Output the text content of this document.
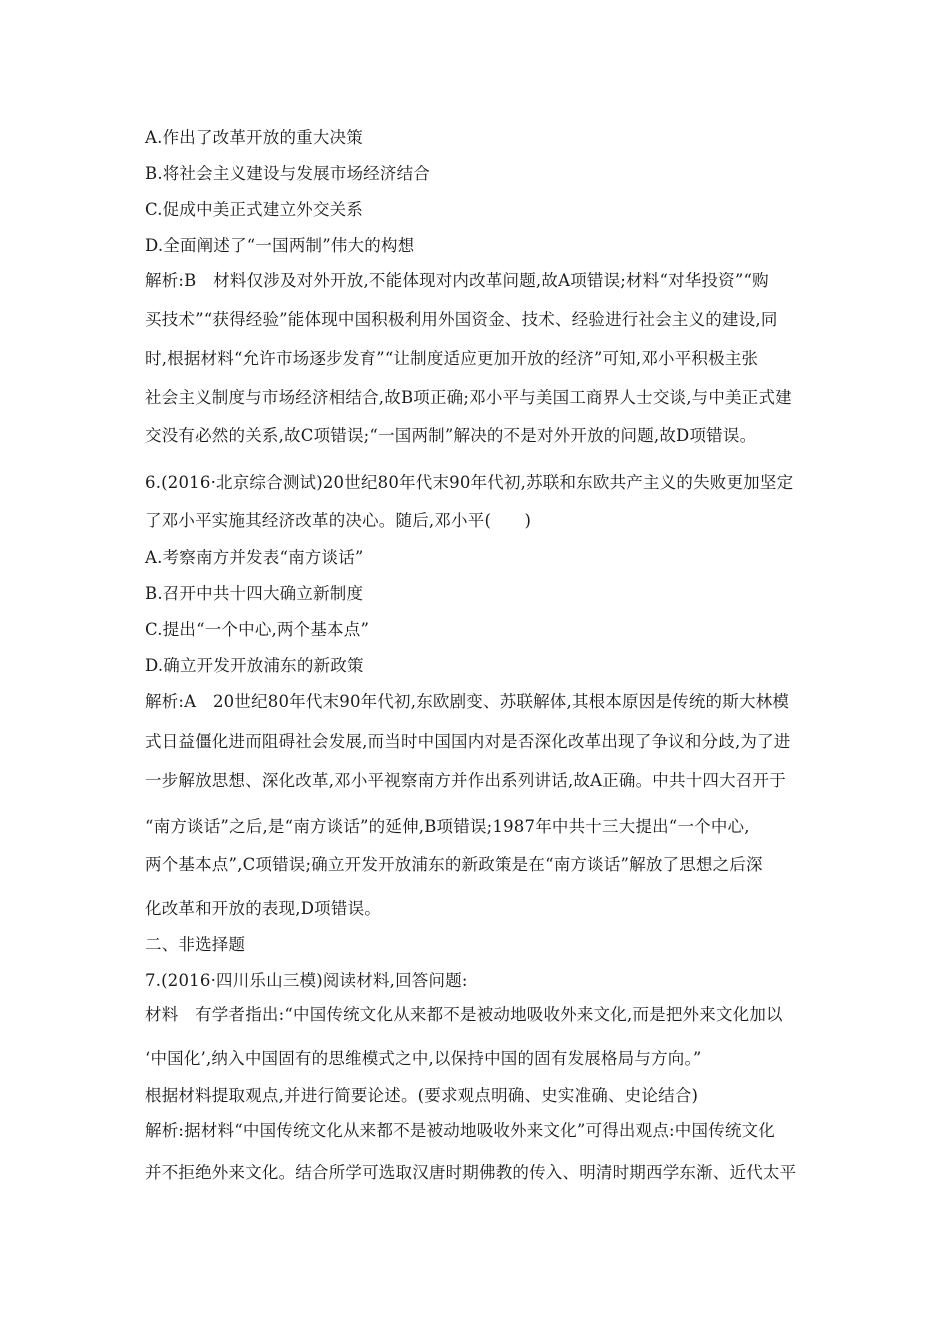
A.作出了改革开放的重大决策
B.将社会主义建设与发展市场经济结合
C.促成中美正式建立外交关系
D.全面阐述了“一国两制”伟大的构想
解析:B　材料仅涉及对外开放,不能体现对内改革问题,故A项错误;材料“对华投资”“购
买技术”“获得经验”能体现中国积极利用外国资金、技术、经验进行社会主义的建设,同
时,根据材料“允许市场逐步发育”“让制度适应更加开放的经济”可知,邓小平积极主张
社会主义制度与市场经济相结合,故B项正确;邓小平与美国工商界人士交谈,与中美正式建
交没有必然的关系,故C项错误;“一国两制”解决的不是对外开放的问题,故D项错误。
6.(2016·北京综合测试)20世纪80年代末90年代初,苏联和东欧共产主义的失败更加坚定
了邓小平实施其经济改革的决心。随后,邓小平(　　)
A.考察南方并发表“南方谈话”
B.召开中共十四大确立新制度
C.提出“一个中心,两个基本点”
D.确立开发开放浦东的新政策
解析:A　20世纪80年代末90年代初,东欧剧变、苏联解体,其根本原因是传统的斯大林模
式日益僵化进而阻碍社会发展,而当时中国国内对是否深化改革出现了争议和分歧,为了进
一步解放思想、深化改革,邓小平视察南方并作出系列讲话,故A正确。中共十四大召开于
“南方谈话”之后,是“南方谈话”的延伸,B项错误;1987年中共十三大提出“一个中心,
两个基本点”,C项错误;确立开发开放浦东的新政策是在“南方谈话”解放了思想之后深
化改革和开放的表现,D项错误。
二、非选择题
7.(2016·四川乐山三模)阅读材料,回答问题:
材料　有学者指出:“中国传统文化从来都不是被动地吸收外来文化,而是把外来文化加以
‘中国化’,纳入中国固有的思维模式之中,以保持中国的固有发展格局与方向。”
根据材料提取观点,并进行简要论述。(要求观点明确、史实准确、史论结合)
解析:据材料“中国传统文化从来都不是被动地吸收外来文化”可得出观点:中国传统文化
并不拒绝外来文化。结合所学可选取汉唐时期佛教的传入、明清时期西学东渐、近代太平
